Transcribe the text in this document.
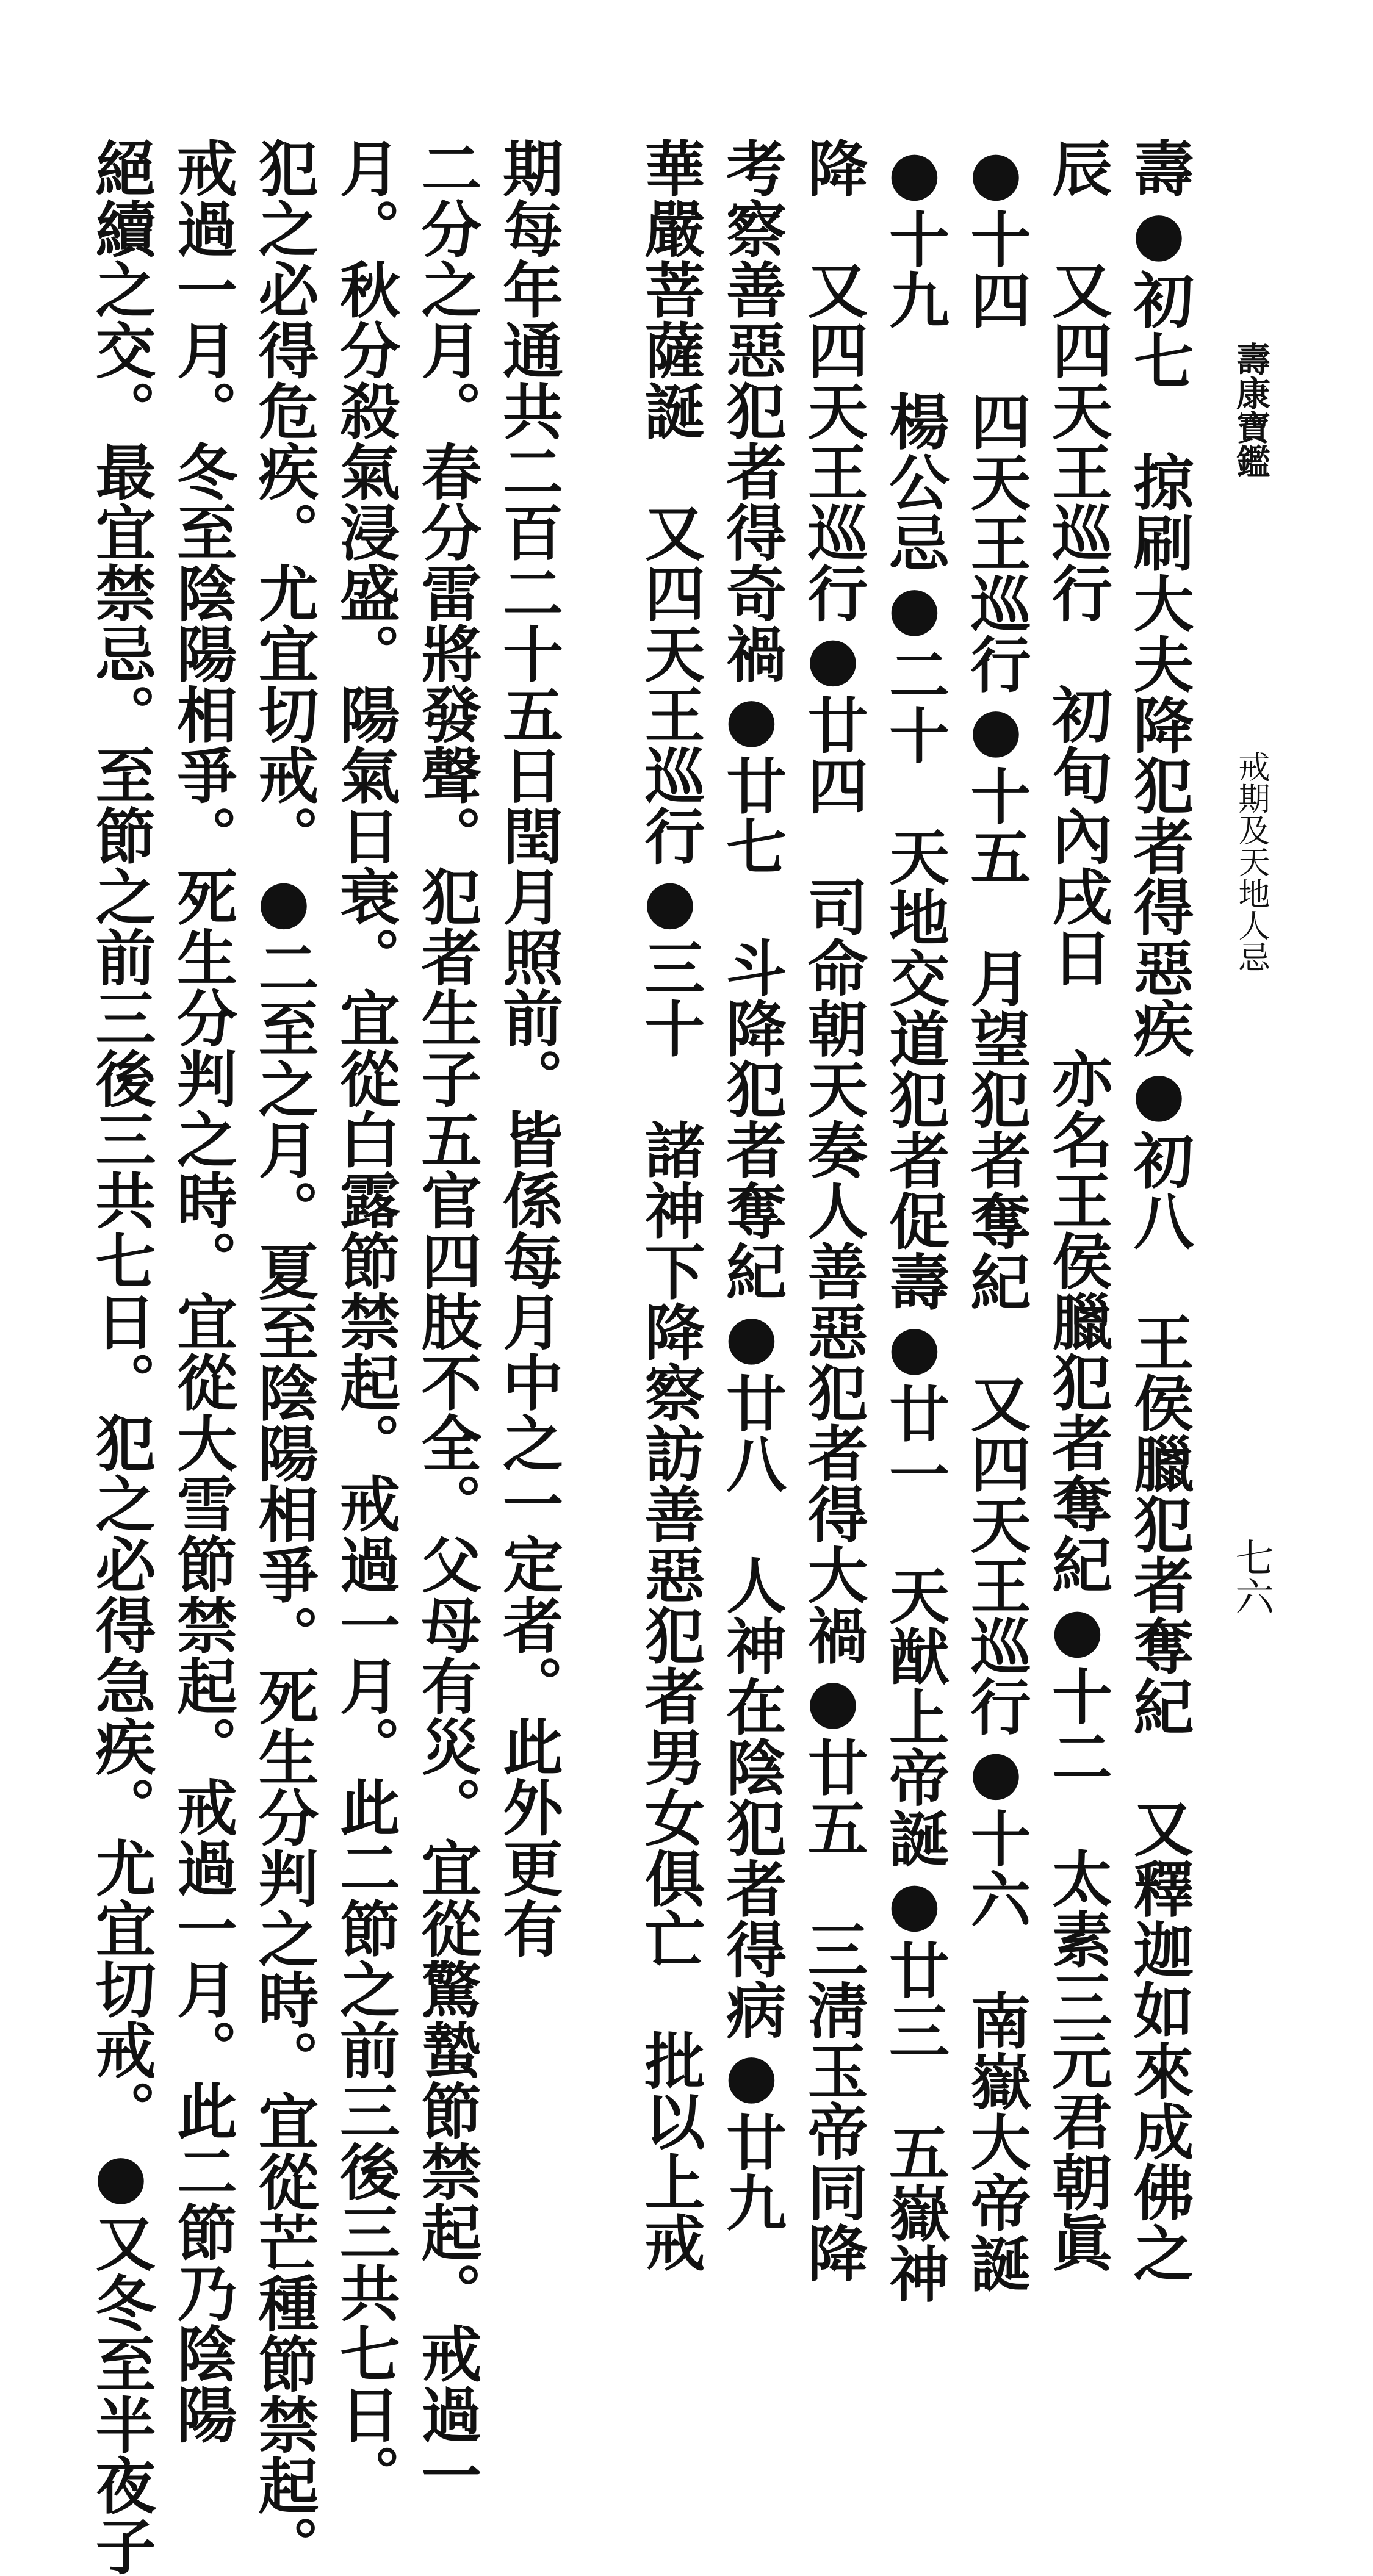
壽康寶鑑
戒期及天地人忌
七六
壽●初七　掠刷大夫降犯者得惡疾●初八　王侯臘犯者奪紀　又釋迦如來成佛之
辰　又四天王巡行　初旬內戌日　亦名王侯臘犯者奪紀●十二　太素三元君朝眞
●十四　四天王巡行●十五　月望犯者奪紀　又四天王巡行●十六　南嶽大帝誕
●十九　楊公忌●二十　天地交道犯者促壽●廿一　天猷上帝誕●廿三　五嶽神
降　又四天王巡行●廿四　司命朝天奏人善惡犯者得大禍●廿五　三淸玉帝同降
考察善惡犯者得奇禍●廿七　斗降犯者奪紀●廿八　人神在陰犯者得病●廿九
華嚴菩薩誕　又四天王巡行●三十　諸神下降察訪善惡犯者男女俱亡　批以上戒
期每年通共二百二十五日閏月照前。皆係每月中之一定者。此外更有
二分之月。春分雷將發聲。犯者生子五官四肢不全。父母有災。宜從驚蟄節禁起。戒過一
月。秋分殺氣浸盛。陽氣日衰。宜從白露節禁起。戒過一月。此二節之前三後三共七日。
犯之必得危疾。尤宜切戒。●二至之月。夏至陰陽相爭。死生分判之時。宜從芒種節禁起。
戒過一月。冬至陰陽相爭。死生分判之時。宜從大雪節禁起。戒過一月。此二節乃陰陽
絕續之交。最宜禁忌。至節之前三後三共七日。犯之必得急疾。尤宜切戒。●又冬至半夜子
